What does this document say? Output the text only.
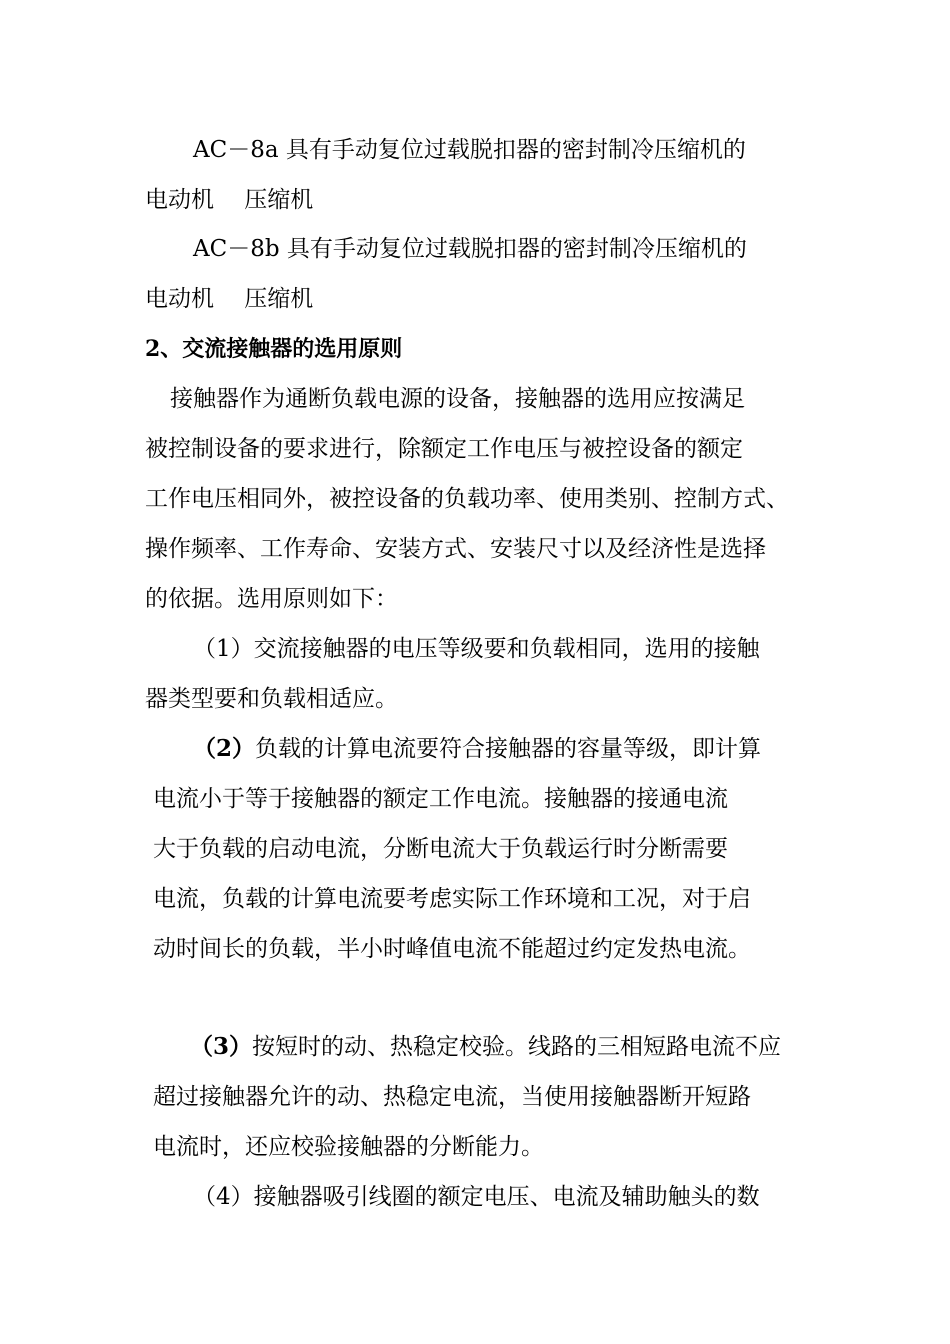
AC－8a 具有手动复位过载脱扣器的密封制冷压缩机的
电动机　 压缩机
AC－8b 具有手动复位过载脱扣器的密封制冷压缩机的
电动机　 压缩机
2、交流接触器的选用原则
接触器作为通断负载电源的设备，接触器的选用应按满足
被控制设备的要求进行，除额定工作电压与被控设备的额定
工作电压相同外，被控设备的负载功率、使用类别、控制方式、
操作频率、工作寿命、安装方式、安装尺寸以及经济性是选择
的依据。选用原则如下：
（1）交流接触器的电压等级要和负载相同，选用的接触
器类型要和负载相适应。
（2）负载的计算电流要符合接触器的容量等级，即计算
电流小于等于接触器的额定工作电流。接触器的接通电流
大于负载的启动电流，分断电流大于负载运行时分断需要
电流，负载的计算电流要考虑实际工作环境和工况，对于启
动时间长的负载，半小时峰值电流不能超过约定发热电流。
（3）按短时的动、热稳定校验。线路的三相短路电流不应
超过接触器允许的动、热稳定电流，当使用接触器断开短路
电流时，还应校验接触器的分断能力。
（4）接触器吸引线圈的额定电压、电流及辅助触头的数
